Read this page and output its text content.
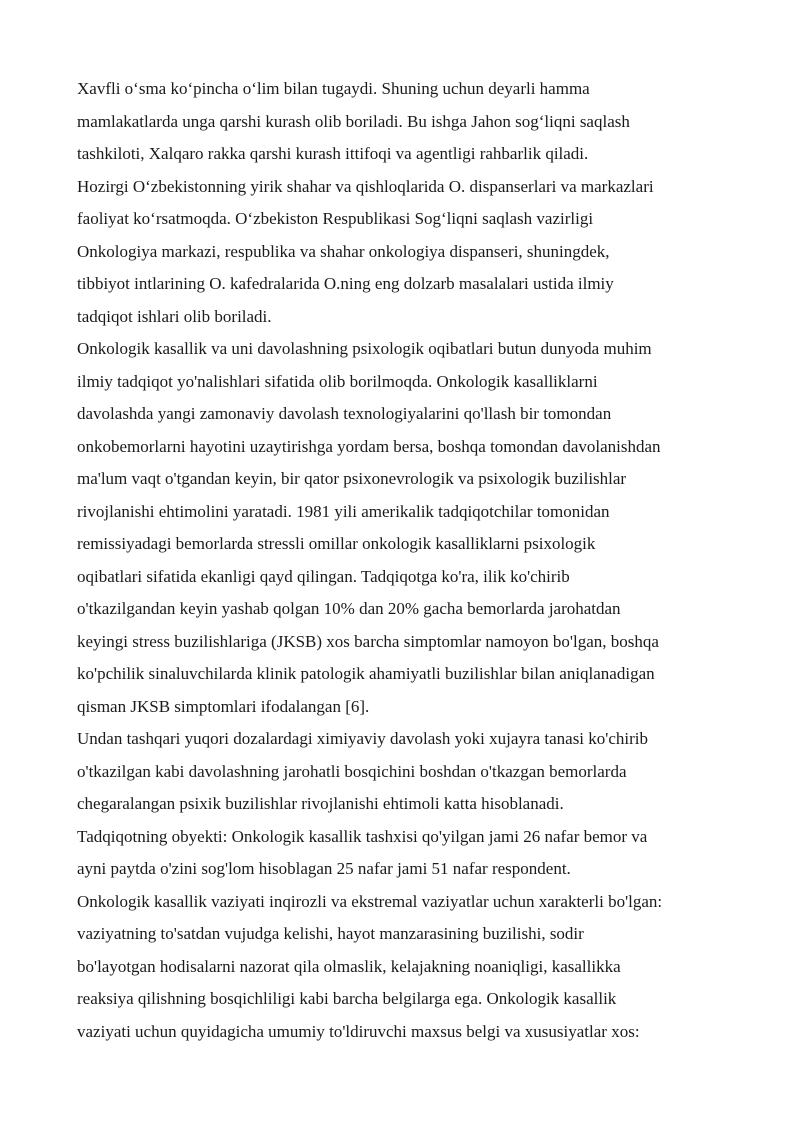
Xavfli o‘sma ko‘pincha o‘lim bilan tugaydi. Shuning uchun deyarli hamma
mamlakatlarda unga qarshi kurash olib boriladi. Bu ishga Jahon sog‘liqni saqlash
tashkiloti, Xalqaro rakka qarshi kurash ittifoqi va agentligi rahbarlik qiladi.
Hozirgi O‘zbekistonning yirik shahar va qishloqlarida O. dispanserlari va markazlari
faoliyat ko‘rsatmoqda. O‘zbekiston Respublikasi Sog‘liqni saqlash vazirligi
Onkologiya markazi, respublika va shahar onkologiya dispanseri, shuningdek,
tibbiyot intlarining O. kafedralarida O.ning eng dolzarb masalalari ustida ilmiy
tadqiqot ishlari olib boriladi.
Onkologik kasallik va uni davolashning psixologik oqibatlari butun dunyoda muhim
ilmiy tadqiqot yo'nalishlari sifatida olib borilmoqda. Onkologik kasalliklarni
davolashda yangi zamonaviy davolash texnologiyalarini qo'llash bir tomondan
onkobemorlarni hayotini uzaytirishga yordam bersa, boshqa tomondan davolanishdan
ma'lum vaqt o'tgandan keyin, bir qator psixonevrologik va psixologik buzilishlar
rivojlanishi ehtimolini yaratadi. 1981 yili amerikalik tadqiqotchilar tomonidan
remissiyadagi bemorlarda stressli omillar onkologik kasalliklarni psixologik
oqibatlari sifatida ekanligi qayd qilingan. Tadqiqotga ko'ra, ilik ko'chirib
o'tkazilgandan keyin yashab qolgan 10% dan 20% gacha bemorlarda jarohatdan
keyingi stress buzilishlariga (JKSB) xos barcha simptomlar namoyon bo'lgan, boshqa
ko'pchilik sinaluvchilarda klinik patologik ahamiyatli buzilishlar bilan aniqlanadigan
qisman JKSB simptomlari ifodalangan [6].
Undan tashqari yuqori dozalardagi ximiyaviy davolash yoki xujayra tanasi ko'chirib
o'tkazilgan kabi davolashning jarohatli bosqichini boshdan o'tkazgan bemorlarda
chegaralangan psixik buzilishlar rivojlanishi ehtimoli katta hisoblanadi.
Tadqiqotning obyekti: Onkologik kasallik tashxisi qo'yilgan jami 26 nafar bemor va
ayni paytda o'zini sog'lom hisoblagan 25 nafar jami 51 nafar respondent.
Onkologik kasallik vaziyati inqirozli va ekstremal vaziyatlar uchun xarakterli bo'lgan:
vaziyatning to'satdan vujudga kelishi, hayot manzarasining buzilishi, sodir
bo'layotgan hodisalarni nazorat qila olmaslik, kelajakning noaniqligi, kasallikka
reaksiya qilishning bosqichliligi kabi barcha belgilarga ega. Onkologik kasallik
vaziyati uchun quyidagicha umumiy to'ldiruvchi maxsus belgi va xususiyatlar xos:
